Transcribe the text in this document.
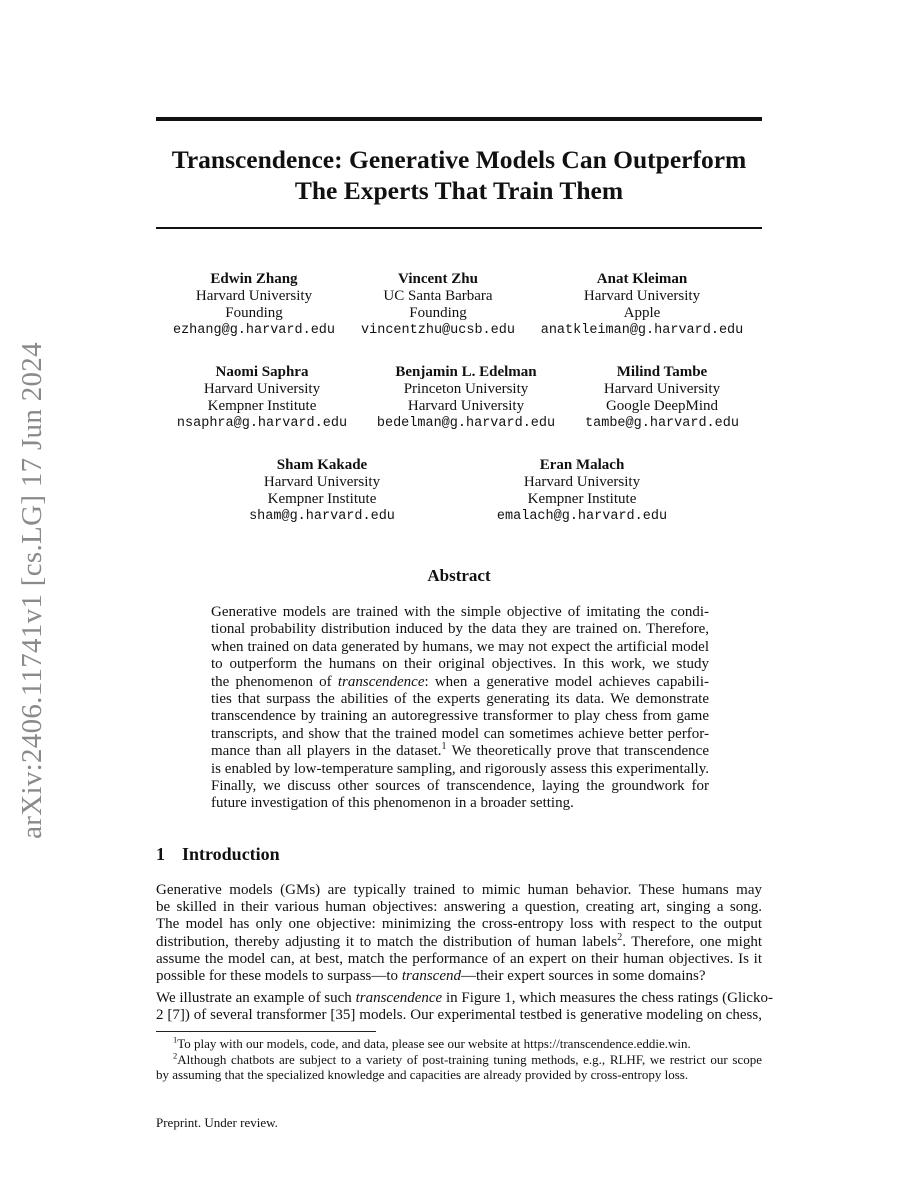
arXiv:2406.11741v1 [cs.LG] 17 Jun 2024
Transcendence: Generative Models Can Outperform
The Experts That Train Them
Edwin Zhang
Harvard University
Founding
ezhang@g.harvard.edu
Vincent Zhu
UC Santa Barbara
Founding
vincentzhu@ucsb.edu
Anat Kleiman
Harvard University
Apple
anatkleiman@g.harvard.edu
Naomi Saphra
Harvard University
Kempner Institute
nsaphra@g.harvard.edu
Benjamin L. Edelman
Princeton University
Harvard University
bedelman@g.harvard.edu
Milind Tambe
Harvard University
Google DeepMind
tambe@g.harvard.edu
Sham Kakade
Harvard University
Kempner Institute
sham@g.harvard.edu
Eran Malach
Harvard University
Kempner Institute
emalach@g.harvard.edu
Abstract
Generative models are trained with the simple objective of imitating the condi-
tional probability distribution induced by the data they are trained on. Therefore,
when trained on data generated by humans, we may not expect the artificial model
to outperform the humans on their original objectives. In this work, we study
the phenomenon of transcendence: when a generative model achieves capabili-
ties that surpass the abilities of the experts generating its data. We demonstrate
transcendence by training an autoregressive transformer to play chess from game
transcripts, and show that the trained model can sometimes achieve better perfor-
mance than all players in the dataset.$^1$ We theoretically prove that transcendence
is enabled by low-temperature sampling, and rigorously assess this experimentally.
Finally, we discuss other sources of transcendence, laying the groundwork for
future investigation of this phenomenon in a broader setting.
1 Introduction
Generative models (GMs) are typically trained to mimic human behavior. These humans may
be skilled in their various human objectives: answering a question, creating art, singing a song.
The model has only one objective: minimizing the cross-entropy loss with respect to the output
distribution, thereby adjusting it to match the distribution of human labels$^2$. Therefore, one might
assume the model can, at best, match the performance of an expert on their human objectives. Is it
possible for these models to surpass—to transcend—their expert sources in some domains?
We illustrate an example of such transcendence in Figure 1, which measures the chess ratings (Glicko-
2 [7]) of several transformer [35] models. Our experimental testbed is generative modeling on chess,
$^1$To play with our models, code, and data, please see our website at https://transcendence.eddie.win.
$^2$Although chatbots are subject to a variety of post-training tuning methods, e.g., RLHF, we restrict our scope
by assuming that the specialized knowledge and capacities are already provided by cross-entropy loss.
Preprint. Under review.
